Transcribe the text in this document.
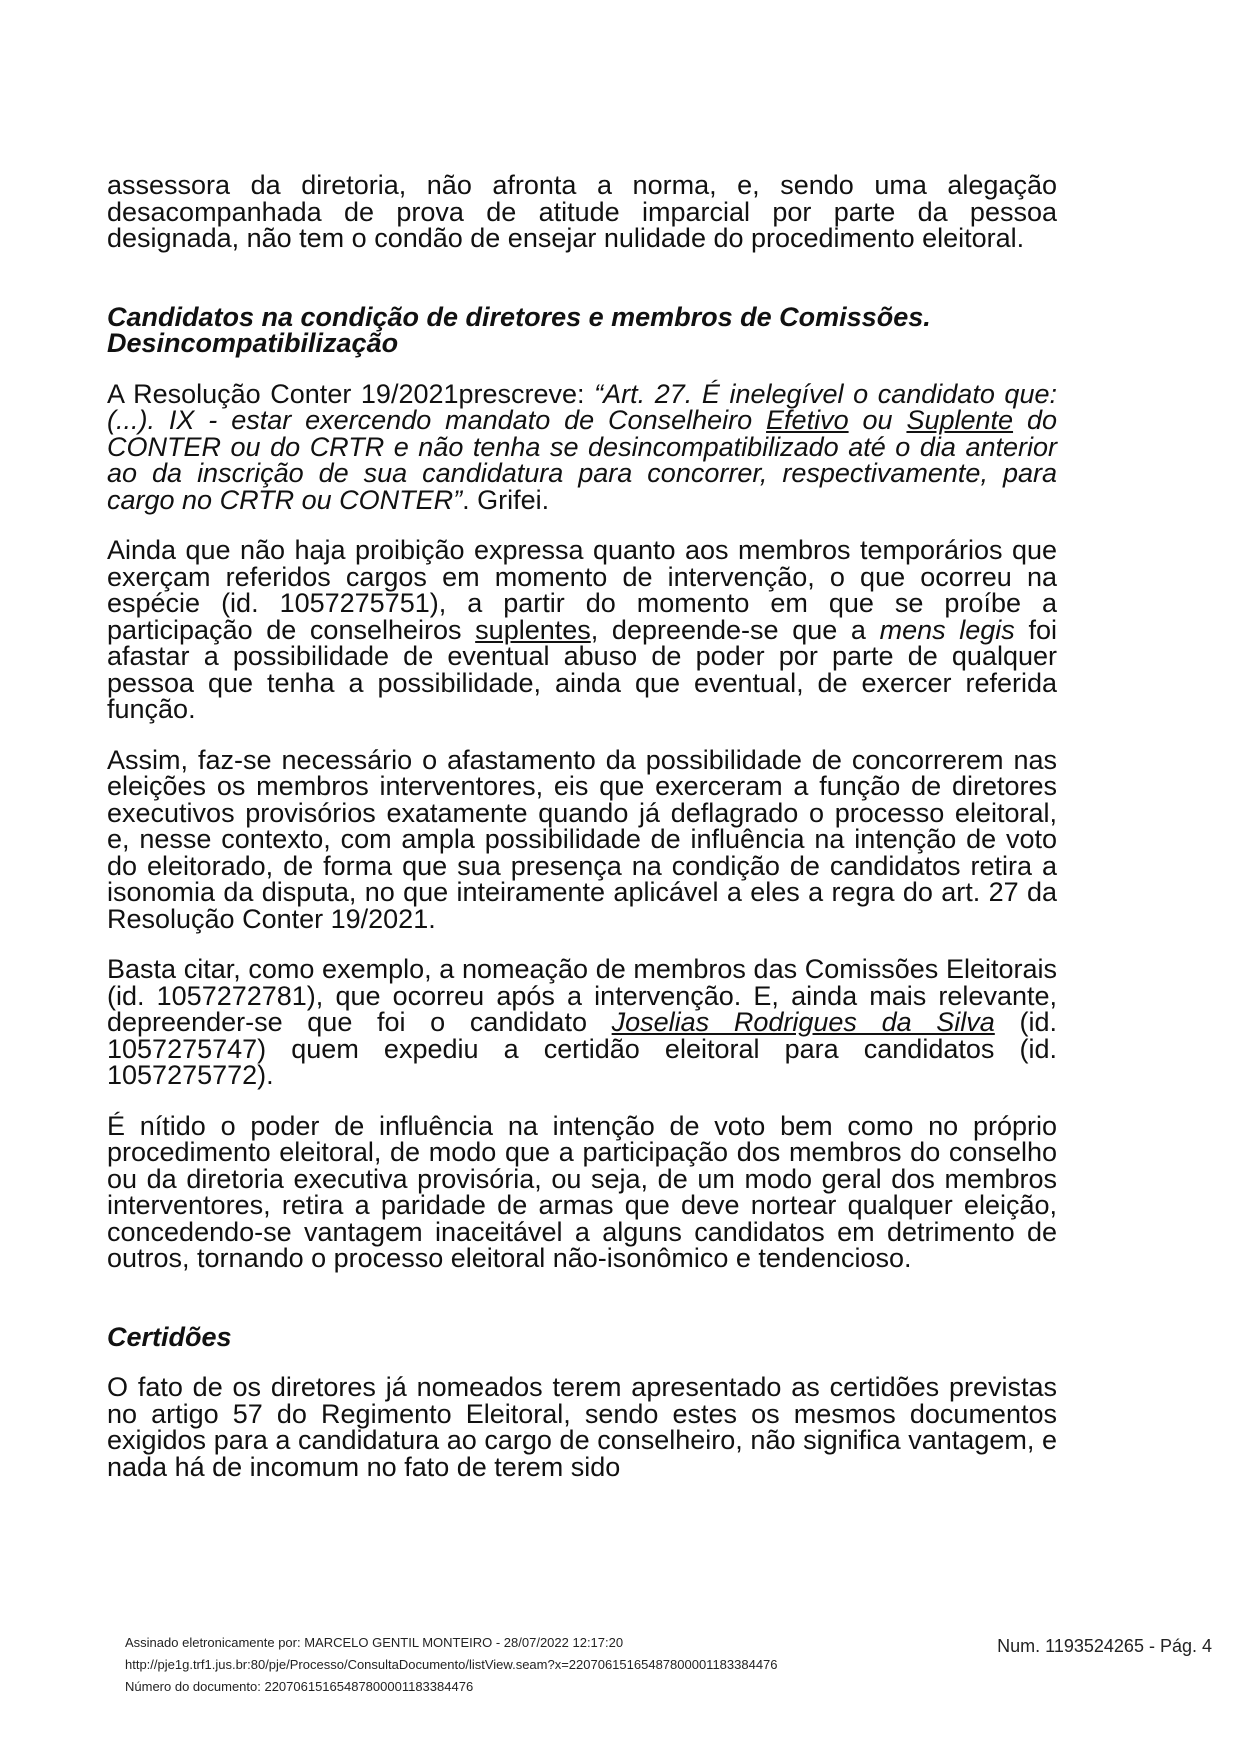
assessora da diretoria, não afronta a norma, e, sendo uma alegação desacompanhada de prova de atitude imparcial por parte da pessoa designada, não tem o condão de ensejar nulidade do procedimento eleitoral.

Candidatos na condição de diretores e membros de Comissões. Desincompatibilização

A Resolução Conter 19/2021prescreve: “Art. 27. É inelegível o candidato que: (...). IX - estar exercendo mandato de Conselheiro Efetivo ou Suplente do CONTER ou do CRTR e não tenha se desincompatibilizado até o dia anterior ao da inscrição de sua candidatura para concorrer, respectivamente, para cargo no CRTR ou CONTER”. Grifei.

Ainda que não haja proibição expressa quanto aos membros temporários que exerçam referidos cargos em momento de intervenção, o que ocorreu na espécie (id. 1057275751), a partir do momento em que se proíbe a participação de conselheiros suplentes, depreende-se que a mens legis foi afastar a possibilidade de eventual abuso de poder por parte de qualquer pessoa que tenha a possibilidade, ainda que eventual, de exercer referida função.

Assim, faz-se necessário o afastamento da possibilidade de concorrerem nas eleições os membros interventores, eis que exerceram a função de diretores executivos provisórios exatamente quando já deflagrado o processo eleitoral, e, nesse contexto, com ampla possibilidade de influência na intenção de voto do eleitorado, de forma que sua presença na condição de candidatos retira a isonomia da disputa, no que inteiramente aplicável a eles a regra do art. 27 da Resolução Conter 19/2021.

Basta citar, como exemplo, a nomeação de membros das Comissões Eleitorais (id. 1057272781), que ocorreu após a intervenção. E, ainda mais relevante, depreender-se que foi o candidato Joselias Rodrigues da Silva (id. 1057275747) quem expediu a certidão eleitoral para candidatos (id. 1057275772).

É nítido o poder de influência na intenção de voto bem como no próprio procedimento eleitoral, de modo que a participação dos membros do conselho ou da diretoria executiva provisória, ou seja, de um modo geral dos membros interventores, retira a paridade de armas que deve nortear qualquer eleição, concedendo-se vantagem inaceitável a alguns candidatos em detrimento de outros, tornando o processo eleitoral não-isonômico e tendencioso.

Certidões

O fato de os diretores já nomeados terem apresentado as certidões previstas no artigo 57 do Regimento Eleitoral, sendo estes os mesmos documentos exigidos para a candidatura ao cargo de conselheiro, não significa vantagem, e nada há de incomum no fato de terem sido

Assinado eletronicamente por: MARCELO GENTIL MONTEIRO - 28/07/2022 12:17:20
http://pje1g.trf1.jus.br:80/pje/Processo/ConsultaDocumento/listView.seam?x=22070615165487800001183384476
Número do documento: 22070615165487800001183384476
Num. 1193524265 - Pág. 4
